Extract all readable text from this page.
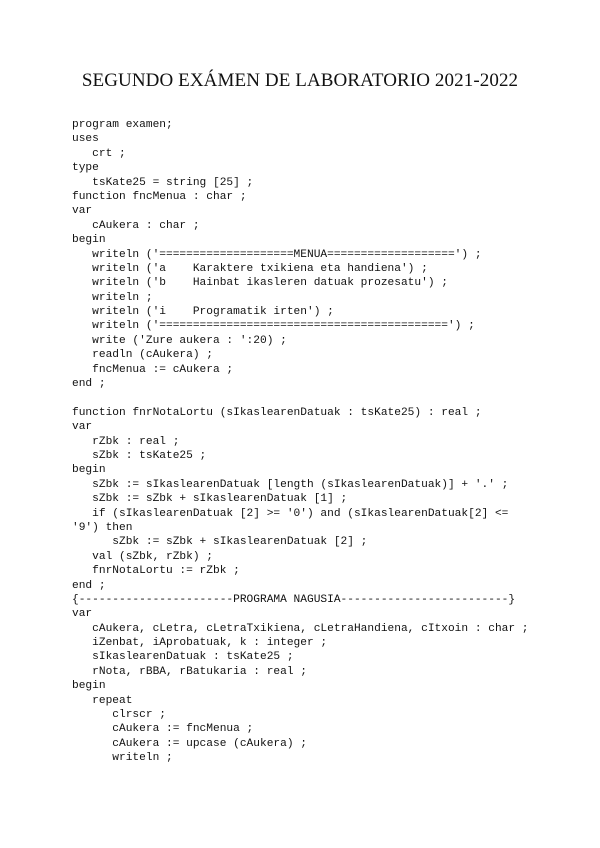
SEGUNDO EXÁMEN DE LABORATORIO 2021-2022
program examen;
uses
crt ;
type
tsKate25 = string [25] ;
function fncMenua : char ;
var
cAukera : char ;
begin
writeln ('====================MENUA===================') ;
writeln ('a    Karaktere txikiena eta handiena') ;
writeln ('b    Hainbat ikasleren datuak prozesatu') ;
writeln ;
writeln ('i    Programatik irten') ;
writeln ('===========================================') ;
write ('Zure aukera : ':20) ;
readln (cAukera) ;
fncMenua := cAukera ;
end ;
function fnrNotaLortu (sIkaslearenDatuak : tsKate25) : real ;
var
rZbk : real ;
sZbk : tsKate25 ;
begin
sZbk := sIkaslearenDatuak [length (sIkaslearenDatuak)] + '.' ;
sZbk := sZbk + sIkaslearenDatuak [1] ;
if (sIkaslearenDatuak [2] >= '0') and (sIkaslearenDatuak[2] <=
'9') then
sZbk := sZbk + sIkaslearenDatuak [2] ;
val (sZbk, rZbk) ;
fnrNotaLortu := rZbk ;
end ;
{-----------------------PROGRAMA NAGUSIA-------------------------}
var
cAukera, cLetra, cLetraTxikiena, cLetraHandiena, cItxoin : char ;
iZenbat, iAprobatuak, k : integer ;
sIkaslearenDatuak : tsKate25 ;
rNota, rBBA, rBatukaria : real ;
begin
repeat
clrscr ;
cAukera := fncMenua ;
cAukera := upcase (cAukera) ;
writeln ;
